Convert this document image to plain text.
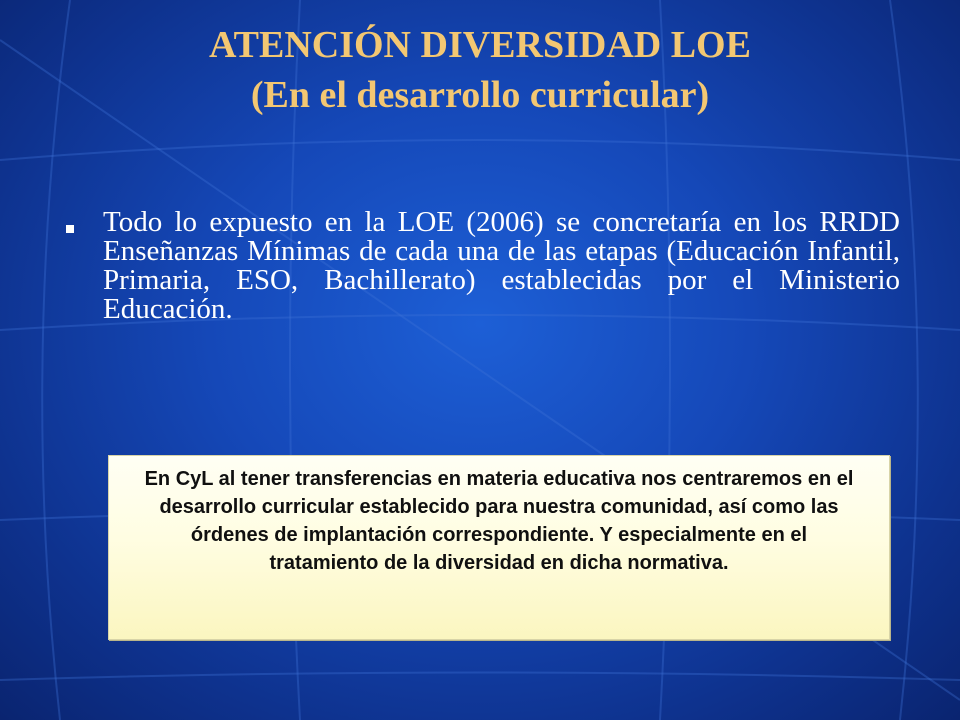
ATENCIÓN DIVERSIDAD LOE
(En el desarrollo curricular)

Todo lo expuesto en la LOE (2006) se concretaría en los RRDD Enseñanzas Mínimas de cada una de las etapas (Educación Infantil, Primaria, ESO, Bachillerato) establecidas por el Ministerio Educación.

En CyL al tener transferencias en materia educativa nos centraremos en el desarrollo curricular establecido para nuestra comunidad, así como las órdenes de implantación correspondiente. Y especialmente en el tratamiento de la diversidad en dicha normativa.
